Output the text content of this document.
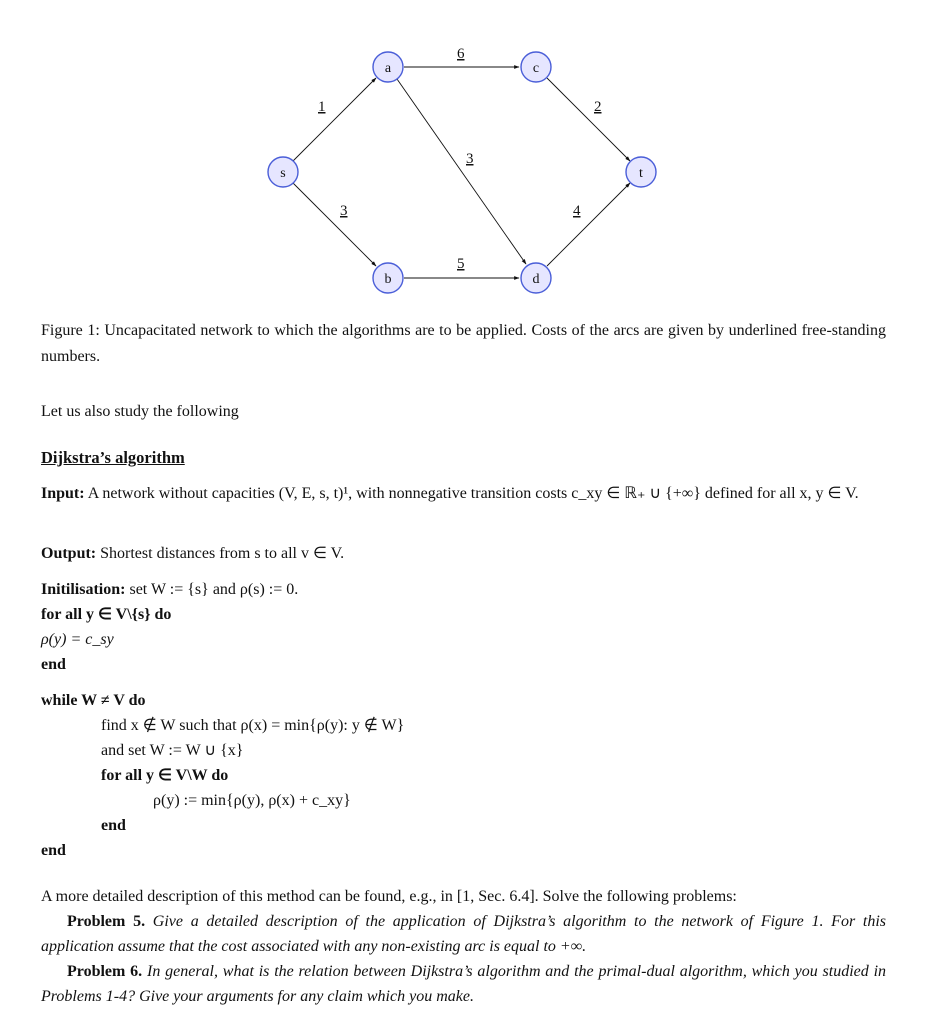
1
3
6
3
5
2
4
s
a
b
c
d
t
Figure 1: Uncapacitated network to which the algorithms are to be applied. Costs of the arcs are given by underlined free-standing numbers.
Let us also study the following
Dijkstra’s algorithm
Input: A network without capacities (V, E, s, t)¹, with nonnegative transition costs c_xy ∈ ℝ₊ ∪ {+∞} defined for all x, y ∈ V.
Output: Shortest distances from s to all v ∈ V.
Initilisation: set W := {s} and ρ(s) := 0.
for all y ∈ V\{s} do
ρ(y) = c_sy
end
while W ≠ V do
find x ∉ W such that ρ(x) = min{ρ(y): y ∉ W}
and set W := W ∪ {x}
for all y ∈ V\W do
ρ(y) := min{ρ(y), ρ(x) + c_xy}
end
end
A more detailed description of this method can be found, e.g., in [1, Sec. 6.4]. Solve the following problems:
Problem 5. Give a detailed description of the application of Dijkstra’s algorithm to the network of Figure 1. For this application assume that the cost associated with any non-existing arc is equal to +∞.
Problem 6. In general, what is the relation between Dijkstra’s algorithm and the primal-dual algorithm, which you studied in Problems 1-4? Give your arguments for any claim which you make.
